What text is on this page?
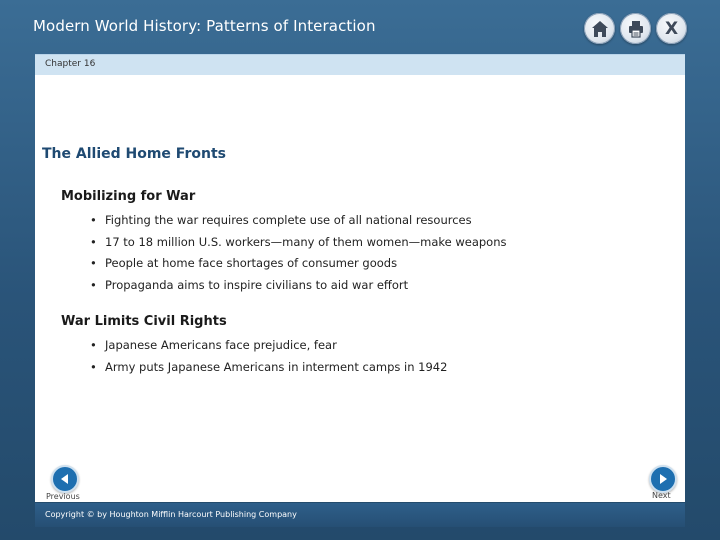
Modern World History: Patterns of Interaction	X
Chapter 16
The Allied Home Fronts
Mobilizing for War
• Fighting the war requires complete use of all national resources
• 17 to 18 million U.S. workers—many of them women—make weapons
• People at home face shortages of consumer goods
• Propaganda aims to inspire civilians to aid war effort
War Limits Civil Rights
• Japanese Americans face prejudice, fear
• Army puts Japanese Americans in interment camps in 1942
Previous	Next
Copyright © by Houghton Mifflin Harcourt Publishing Company
